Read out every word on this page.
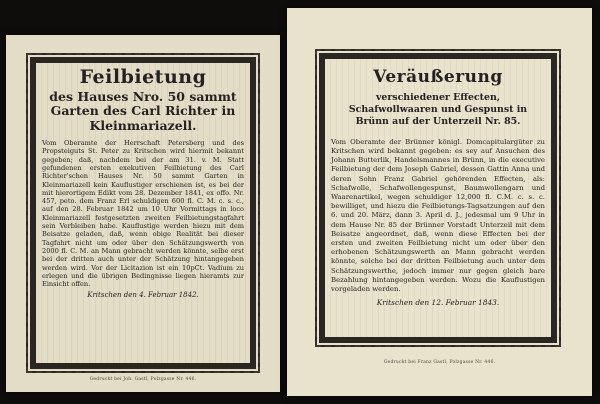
Feilbietung
des Hauses Nro. 50 sammt Garten des Carl Richter in Kleinmariazell.
Vom Oberamte der Herrschaft Petersberg und des Propsteiguts St. Peter zu Kritschen wird hiermit bekannt gegeben; daß, nachdem bei der am 31. v. M. Statt gefundenen ersten exekutiven Feilbietung des Carl Richter'schen Hauses Nr. 50 sammt Garten in Kleinmariazell kein Kauflustiger erschienen ist, es bei der mit hierortigem Edikt vom 28. Dezember 1841, ex offo. Nr. 457, peto. dem Franz Erl schuldigen 600 fl. C. M. c. s. c., auf den 28. Februar 1842 um 10 Uhr Vormittags in loco Kleinmariazell festgesetzten zweiten Feilbietungstagfahrt sein Verbleiben habe. Kauflustige werden hiezu mit dem Beisatze geladen, daß, wenn obige Realität bei dieser Tagfahrt nicht um oder über den Schätzungswerth von 2000 fl. C. M. an Mann gebracht werden könnte, selbe erst bei der dritten auch unter der Schätzung hintangegeben werden wird. Vor der Licitazion ist ein 10pCt. Vadium zu erlegen und die übrigen Bedingnisse liegen hieramts zur Einsicht offen.
Kritschen den 4. Februar 1842.
Gedruckt bei Joh. Gastl, Polzgasse Nr. 446.
Veräußerung
verschiedener Effecten, Schafwollwaaren und Gespunst in Brünn auf der Unterzeil Nr. 85.
Vom Oberamte der Brünner königl. Domcapitulargüter zu Kritschen wird bekannt gegeben: es sey auf Ansuchen des Johann Butterlik, Handelsmannes in Brünn, in die executive Feilbietung der dem Joseph Gabriel, dessen Gattin Anna und deren Sohn Franz Gabriel gehörenden Effecten, als: Schafwolle, Schafwollengespunst, Baumwollengarn und Waarenartikel, wegen schuldiger 12,000 fl. C.M. c. s. c. bewilliget, und hiezu die Feilbietungs-Tagsatzungen auf den 6. und 20. März, dann 3. April d. J., jedesmal um 9 Uhr in dem Hause Nr. 85 der Brünner Vorstadt Unterzeil mit dem Beisatze angeordnet, daß, wenn diese Effecten bei der ersten und zweiten Feilbietung nicht um oder über den erhobenen Schätzungswerth an Mann gebracht werden könnte, solche bei der dritten Feilbietung auch unter dem Schätzungswerthe, jedoch immer nur gegen gleich bare Bezahlung hintangegeben werden. Wozu die Kauflustigen vorgeladen werden.
Kritschen den 12. Februar 1843.
Gedruckt bei Franz Gastl, Polzgasse Nr. 446.
